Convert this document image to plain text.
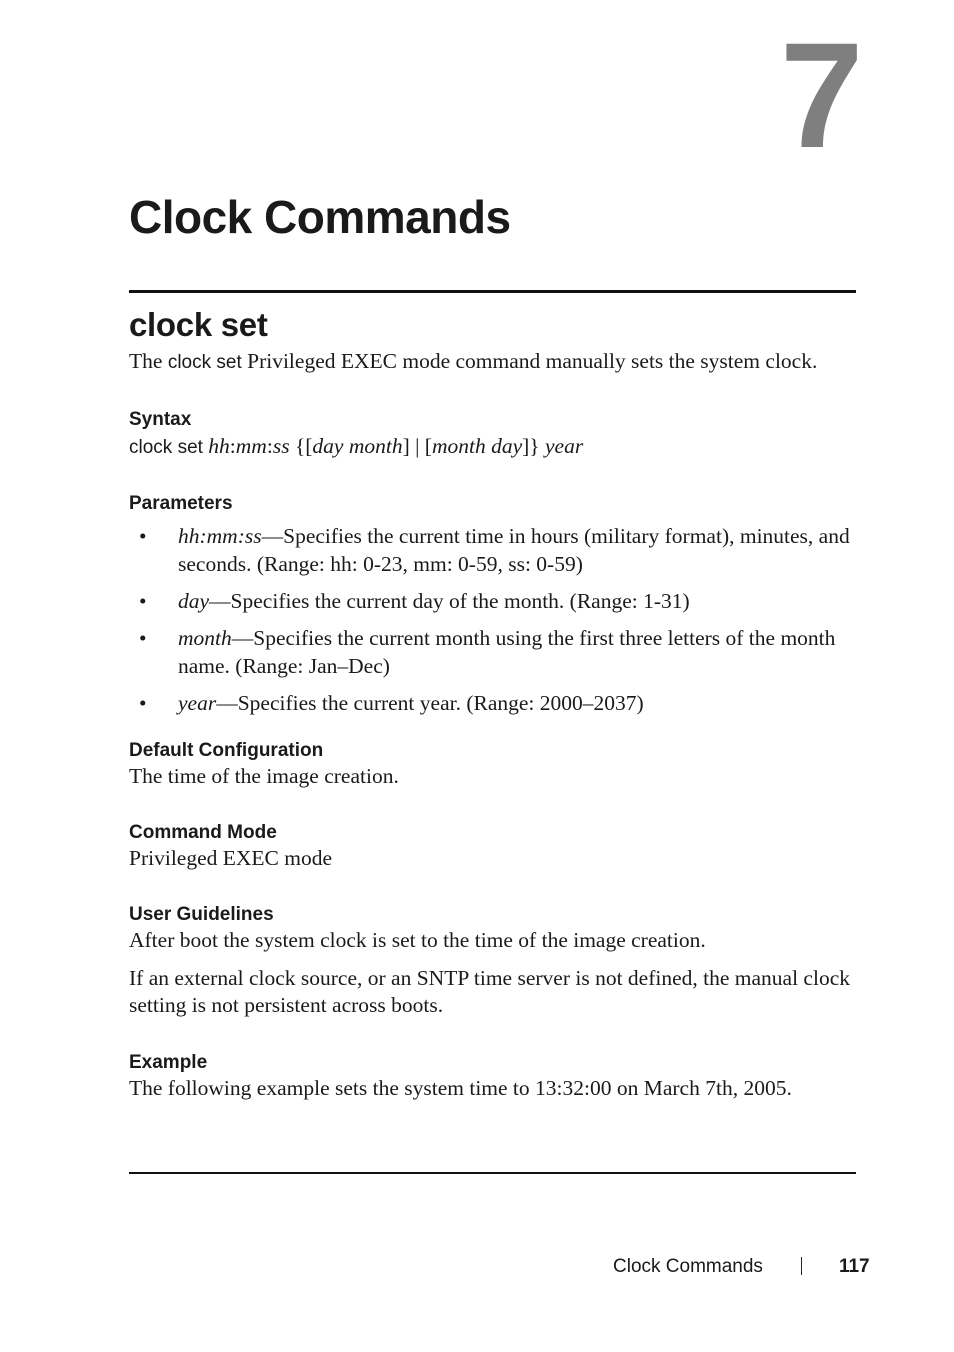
7
Clock Commands
clock set

The clock set Privileged EXEC mode command manually sets the system clock.

Syntax

clock set hh:mm:ss {[day month] | [month day]} year

Parameters
• hh:mm:ss—Specifies the current time in hours (military format), minutes, and seconds. (Range: hh: 0-23, mm: 0-59, ss: 0-59)
• day—Specifies the current day of the month. (Range: 1-31)
• month—Specifies the current month using the first three letters of the month name. (Range: Jan–Dec)
• year—Specifies the current year. (Range: 2000–2037)
Default Configuration

The time of the image creation.

Command Mode

Privileged EXEC mode

User Guidelines

After boot the system clock is set to the time of the image creation.

If an external clock source, or an SNTP time server is not defined, the manual clock setting is not persistent across boots.

Example

The following example sets the system time to 13:32:00 on March 7th, 2005.

Clock Commands	117
